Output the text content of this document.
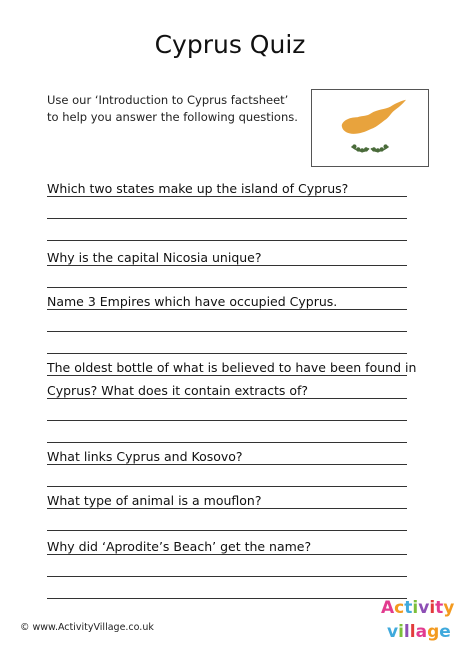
Cyprus Quiz
Use our ‘Introduction to Cyprus factsheet’
to help you answer the following questions.
Which two states make up the island of Cyprus?
Why is the capital Nicosia unique?
Name 3 Empires which have occupied Cyprus.
The oldest bottle of what is believed to have been found in
Cyprus? What does it contain extracts of?
What links Cyprus and Kosovo?
What type of animal is a mouflon?
Why did ‘Aprodite’s Beach’ get the name?
© www.ActivityVillage.co.uk
Activity
village
